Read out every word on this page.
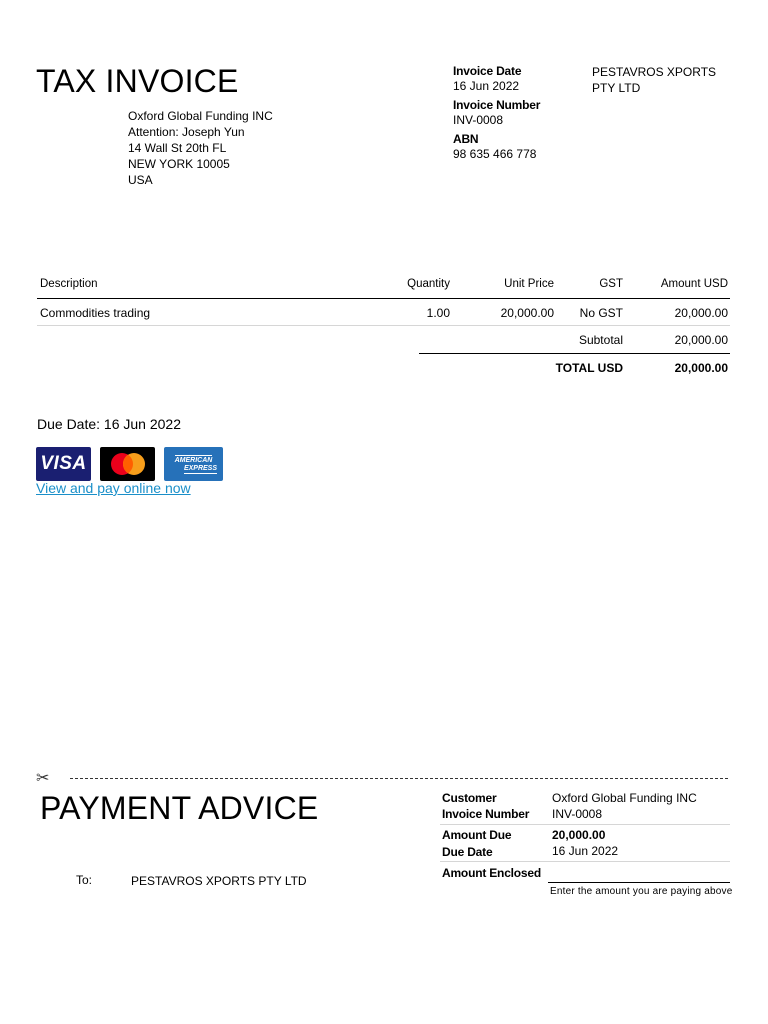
TAX INVOICE
Oxford Global Funding INC
Attention: Joseph Yun
14 Wall St 20th FL
NEW YORK 10005
USA
Invoice Date
16 Jun 2022
Invoice Number
INV-0008
ABN
98 635 466 778
PESTAVROS XPORTS
PTY LTD
Description	Quantity	Unit Price	GST	Amount USD
Commodities trading	1.00	20,000.00	No GST	20,000.00
Subtotal	20,000.00
TOTAL USD	20,000.00
Due Date: 16 Jun 2022
VISA	AMERICAN
EXPRESS
View and pay online now
✂
PAYMENT ADVICE
To:	PESTAVROS XPORTS PTY LTD
Customer	Oxford Global Funding INC
Invoice Number INV-0008
Amount Due	20,000.00
Due Date	16 Jun 2022
Amount Enclosed
Enter the amount you are paying above
